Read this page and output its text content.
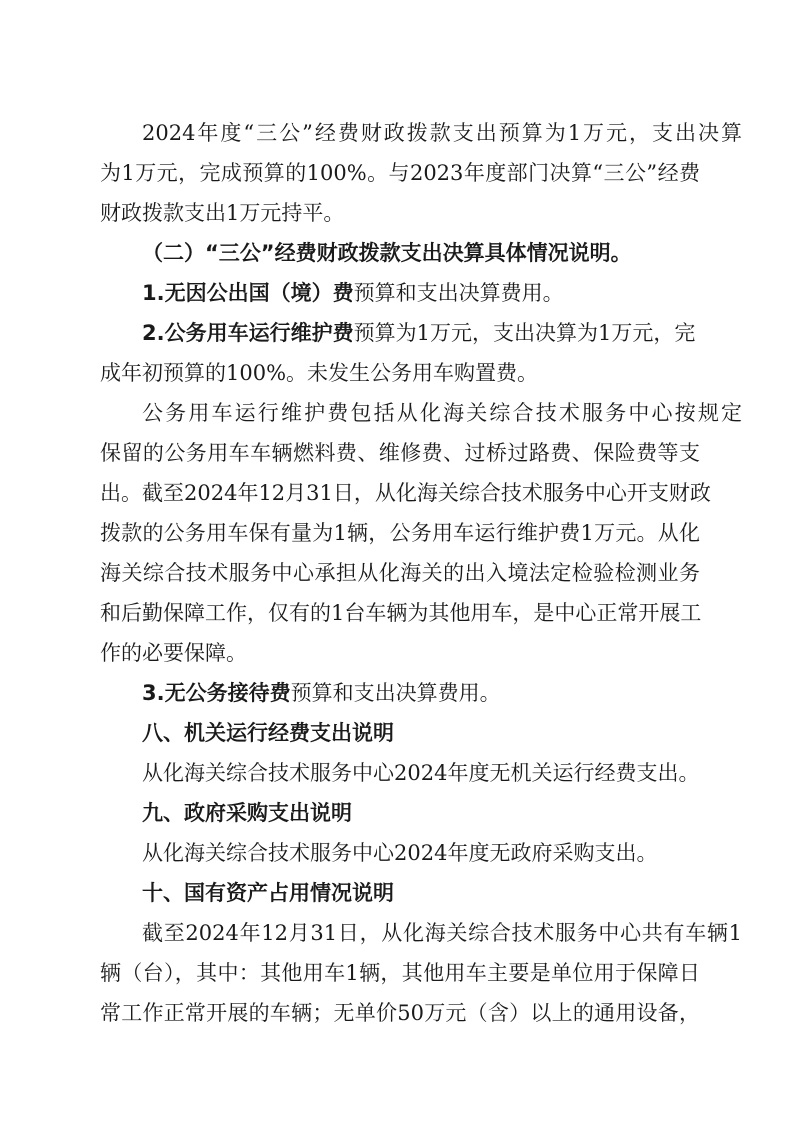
2024年度“三公”经费财政拨款支出预算为1万元，支出决算
为1万元，完成预算的100%。与2023年度部门决算“三公”经费
财政拨款支出1万元持平。
（二）“三公”经费财政拨款支出决算具体情况说明。
1.无因公出国（境）费预算和支出决算费用。
2.公务用车运行维护费预算为1万元，支出决算为1万元，完
成年初预算的100%。未发生公务用车购置费。
公务用车运行维护费包括从化海关综合技术服务中心按规定
保留的公务用车车辆燃料费、维修费、过桥过路费、保险费等支
出。截至2024年12月31日，从化海关综合技术服务中心开支财政
拨款的公务用车保有量为1辆，公务用车运行维护费1万元。从化
海关综合技术服务中心承担从化海关的出入境法定检验检测业务
和后勤保障工作，仅有的1台车辆为其他用车，是中心正常开展工
作的必要保障。
3.无公务接待费预算和支出决算费用。
八、机关运行经费支出说明
从化海关综合技术服务中心2024年度无机关运行经费支出。
九、政府采购支出说明
从化海关综合技术服务中心2024年度无政府采购支出。
十、国有资产占用情况说明
截至2024年12月31日，从化海关综合技术服务中心共有车辆1
辆（台），其中：其他用车1辆，其他用车主要是单位用于保障日
常工作正常开展的车辆；无单价50万元（含）以上的通用设备，
